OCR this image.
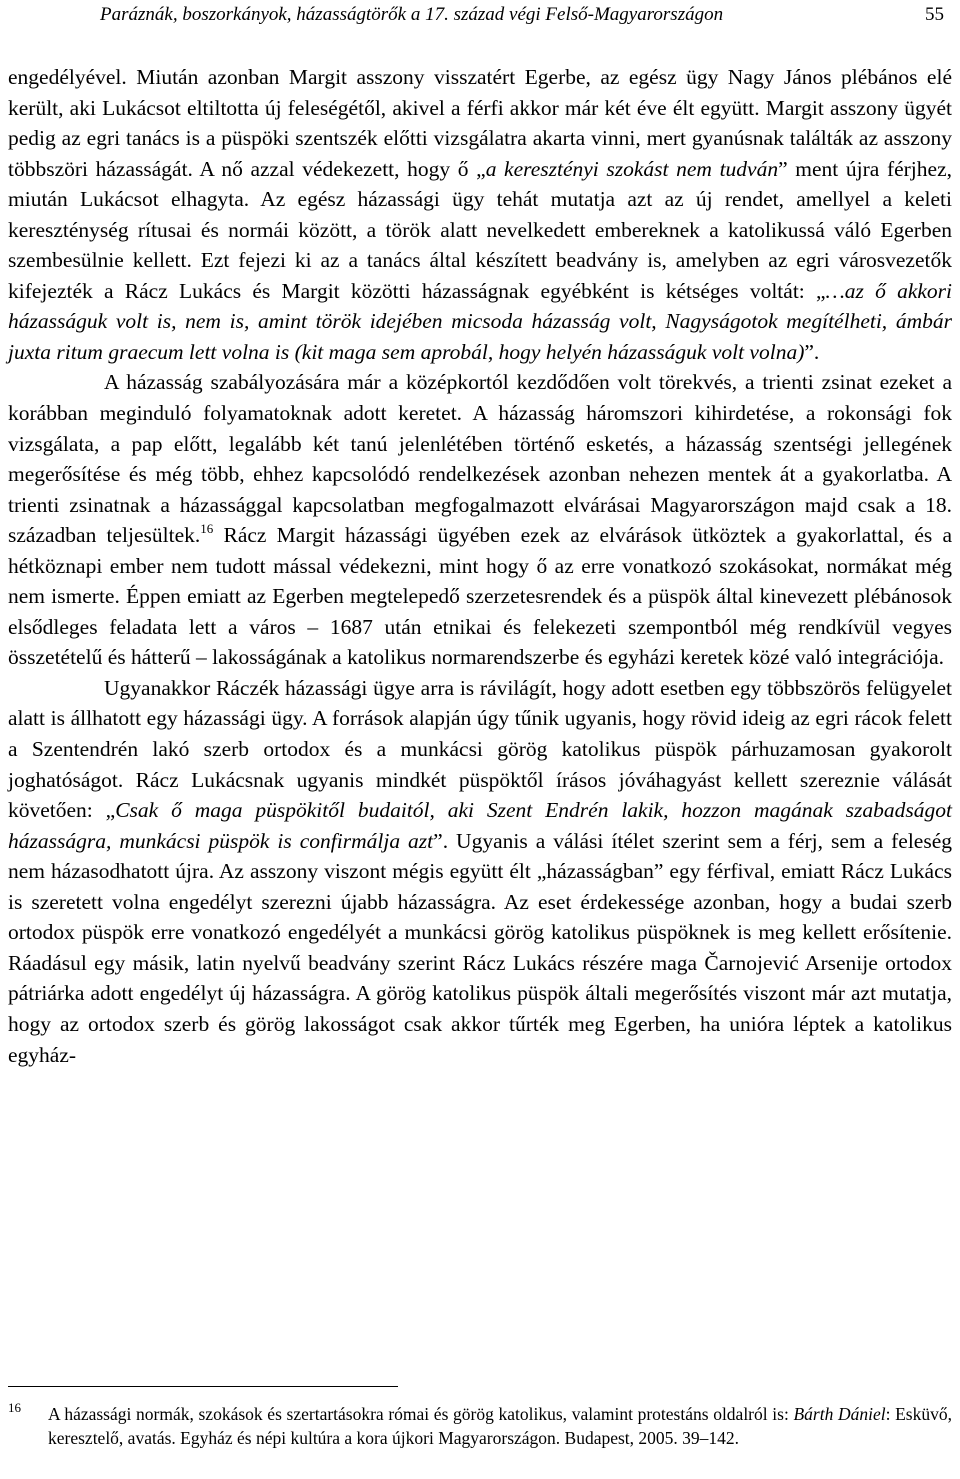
Paráznák, boszorkányok, házasságtörők a 17. század végi Felső-Magyarországon	55

engedélyével. Miután azonban Margit asszony visszatért Egerbe, az egész ügy Nagy János plébános elé került, aki Lukácsot eltiltotta új feleségétől, akivel a férfi akkor már két éve élt együtt. Margit asszony ügyét pedig az egri tanács is a püspöki szentszék előtti vizsgálatra akarta vinni, mert gyanúsnak találták az asszony többszöri házasságát. A nő azzal védekezett, hogy ő „a keresztényi szokást nem tudván” ment újra férjhez, miután Lukácsot elhagyta. Az egész házassági ügy tehát mutatja azt az új rendet, amellyel a keleti kereszténység rítusai és normái között, a török alatt nevelkedett embereknek a katolikussá váló Egerben szembesülnie kellett. Ezt fejezi ki az a tanács által készített beadvány is, amelyben az egri városvezetők kifejezték a Rácz Lukács és Margit közötti házasságnak egyébként is kétséges voltát: „…az ő akkori házasságuk volt is, nem is, amint török idejében micsoda házasság volt, Nagyságotok megítélheti, ámbár juxta ritum graecum lett volna is (kit maga sem aprobál, hogy helyén házasságuk volt volna)”.

A házasság szabályozására már a középkortól kezdődően volt törekvés, a trienti zsinat ezeket a korábban meginduló folyamatoknak adott keretet. A házasság háromszori kihirdetése, a rokonsági fok vizsgálata, a pap előtt, legalább két tanú jelenlétében történő esketés, a házasság szentségi jellegének megerősítése és még több, ehhez kapcsolódó rendelkezések azonban nehezen mentek át a gyakorlatba. A trienti zsinatnak a házassággal kapcsolatban megfogalmazott elvárásai Magyarországon majd csak a 18. században teljesültek.$^{16}$ Rácz Margit házassági ügyében ezek az elvárások ütköztek a gyakorlattal, és a hétköznapi ember nem tudott mással védekezni, mint hogy ő az erre vonatkozó szokásokat, normákat még nem ismerte. Éppen emiatt az Egerben megtelepedő szerzetesrendek és a püspök által kinevezett plébánosok elsődleges feladata lett a város – 1687 után etnikai és felekezeti szempontból még rendkívül vegyes összetételű és hátterű – lakosságának a katolikus normarendszerbe és egyházi keretek közé való integrációja.

Ugyanakkor Ráczék házassági ügye arra is rávilágít, hogy adott esetben egy többszörös felügyelet alatt is állhatott egy házassági ügy. A források alapján úgy tűnik ugyanis, hogy rövid ideig az egri rácok felett a Szentendrén lakó szerb ortodox és a munkácsi görög katolikus püspök párhuzamosan gyakorolt joghatóságot. Rácz Lukácsnak ugyanis mindkét püspöktől írásos jóváhagyást kellett szereznie válását követően: „Csak ő maga püspökitől budaitól, aki Szent Endrén lakik, hozzon magának szabadságot házasságra, munkácsi püspök is confirmálja azt”. Ugyanis a válási ítélet szerint sem a férj, sem a feleség nem házasodhatott újra. Az asszony viszont mégis együtt élt „házasságban” egy férfival, emiatt Rácz Lukács is szeretett volna engedélyt szerezni újabb házasságra. Az eset érdekessége azonban, hogy a budai szerb ortodox püspök erre vonatkozó engedélyét a munkácsi görög katolikus püspöknek is meg kellett erősítenie. Ráadásul egy másik, latin nyelvű beadvány szerint Rácz Lukács részére maga Čarnojević Arsenije ortodox pátriárka adott engedélyt új házasságra. A görög katolikus püspök általi megerősítés viszont már azt mutatja, hogy az ortodox szerb és görög lakosságot csak akkor tűrték meg Egerben, ha unióra léptek a katolikus egyház-

16 A házassági normák, szokások és szertartásokra római és görög katolikus, valamint protestáns oldalról is: Bárth Dániel: Esküvő, keresztelő, avatás. Egyház és népi kultúra a kora újkori Magyarországon. Budapest, 2005. 39–142.
